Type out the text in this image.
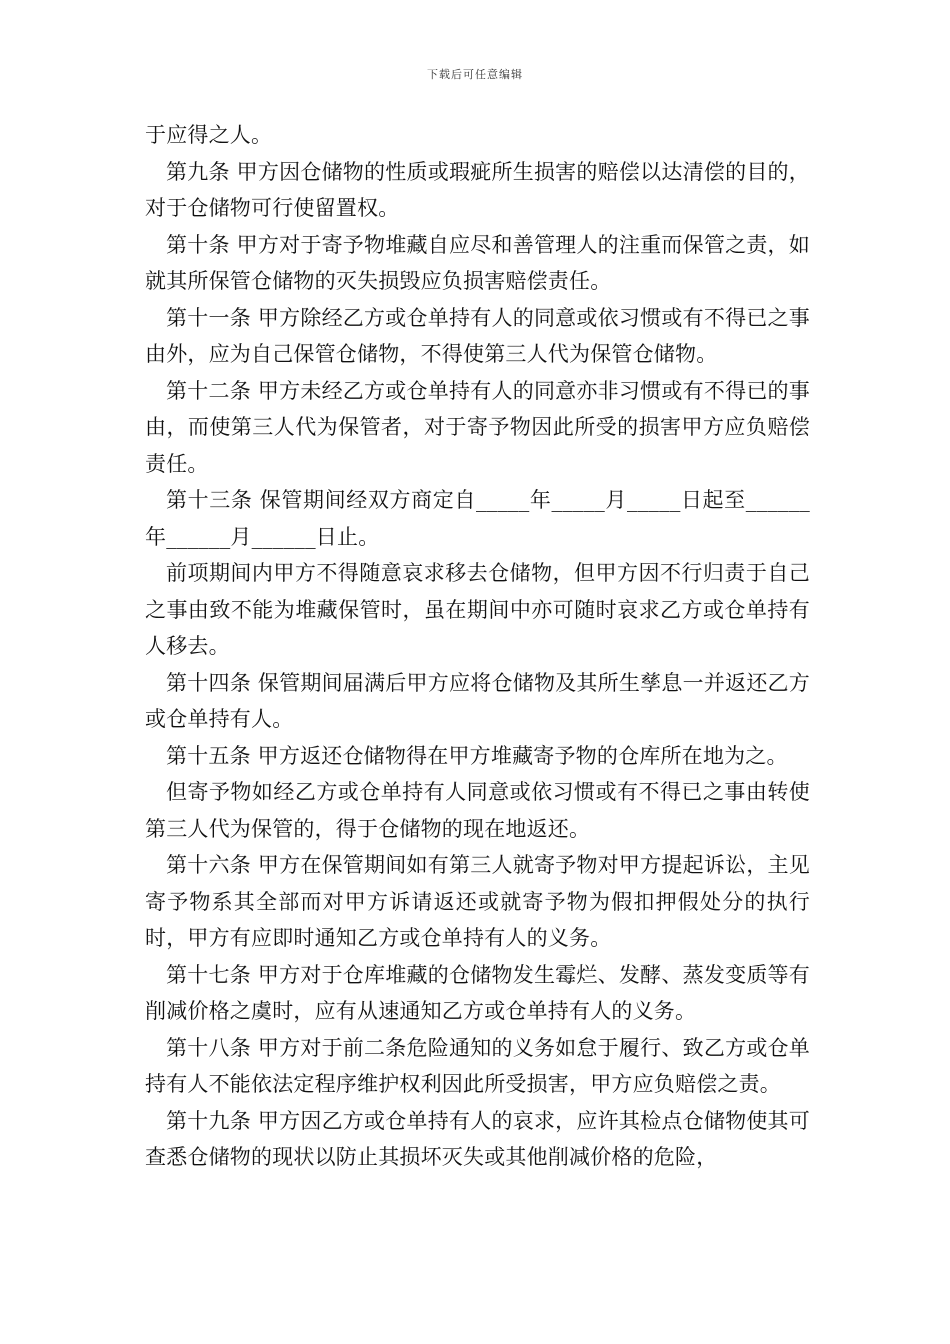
下载后可任意编辑

于应得之人。

第九条 甲方因仓储物的性质或瑕疵所生损害的赔偿以达清偿的目的，对于仓储物可行使留置权。

第十条 甲方对于寄予物堆藏自应尽和善管理人的注重而保管之责，如就其所保管仓储物的灭失损毁应负损害赔偿责任。

第十一条 甲方除经乙方或仓单持有人的同意或依习惯或有不得已之事由外，应为自己保管仓储物，不得使第三人代为保管仓储物。

第十二条 甲方未经乙方或仓单持有人的同意亦非习惯或有不得已的事由，而使第三人代为保管者，对于寄予物因此所受的损害甲方应负赔偿责任。

第十三条 保管期间经双方商定自_____年_____月_____日起至______年______月______日止。

前项期间内甲方不得随意哀求移去仓储物，但甲方因不行归责于自己之事由致不能为堆藏保管时，虽在期间中亦可随时哀求乙方或仓单持有人移去。

第十四条 保管期间届满后甲方应将仓储物及其所生孳息一并返还乙方或仓单持有人。

第十五条 甲方返还仓储物得在甲方堆藏寄予物的仓库所在地为之。

但寄予物如经乙方或仓单持有人同意或依习惯或有不得已之事由转使第三人代为保管的，得于仓储物的现在地返还。

第十六条 甲方在保管期间如有第三人就寄予物对甲方提起诉讼，主见寄予物系其全部而对甲方诉请返还或就寄予物为假扣押假处分的执行时，甲方有应即时通知乙方或仓单持有人的义务。

第十七条 甲方对于仓库堆藏的仓储物发生霉烂、发酵、蒸发变质等有削减价格之虞时，应有从速通知乙方或仓单持有人的义务。

第十八条 甲方对于前二条危险通知的义务如怠于履行、致乙方或仓单持有人不能依法定程序维护权利因此所受损害，甲方应负赔偿之责。

第十九条 甲方因乙方或仓单持有人的哀求，应许其检点仓储物使其可查悉仓储物的现状以防止其损坏灭失或其他削减价格的危险，
